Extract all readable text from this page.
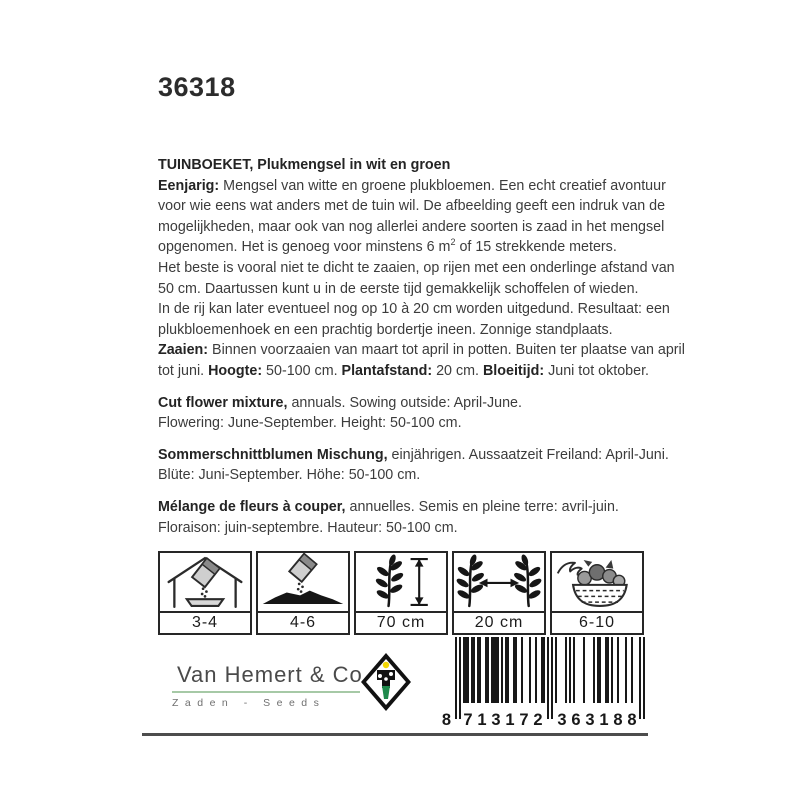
36318
TUINBOEKET, Plukmengsel in wit en groen
Eenjarig: Mengsel van witte en groene plukbloemen. Een echt creatief avontuur
voor wie eens wat anders met de tuin wil. De afbeelding geeft een indruk van de
mogelijkheden, maar ook van nog allerlei andere soorten is zaad in het mengsel
opgenomen. Het is genoeg voor minstens 6 $m^2$ of 15 strekkende meters.
Het beste is vooral niet te dicht te zaaien, op rijen met een onderlinge afstand van
50 cm. Daartussen kunt u in de eerste tijd gemakkelijk schoffelen of wieden.
In de rij kan later eventueel nog op 10 à 20 cm worden uitgedund. Resultaat: een
plukbloemenhoek en een prachtig bordertje ineen. Zonnige standplaats.
Zaaien: Binnen voorzaaien van maart tot april in potten. Buiten ter plaatse van april
tot juni. Hoogte: 50-100 cm. Plantafstand: 20 cm. Bloeitijd: Juni tot oktober.
Cut flower mixture, annuals. Sowing outside: April-June.
Flowering: June-September. Height: 50-100 cm.
Sommerschnittblumen Mischung, einjährigen. Aussaatzeit Freiland: April-Juni.
Blüte: Juni-September. Höhe: 50-100 cm.
Mélange de fleurs à couper, annuelles. Semis en pleine terre: avril-juin.
Floraison: juin-septembre. Hauteur: 50-100 cm.
3-4	4-6	70 cm	20 cm	6-10
Van Hemert & Co
Zaden - Seeds
8 7	3
1	6
3	3
1	1
7	8
2	8
